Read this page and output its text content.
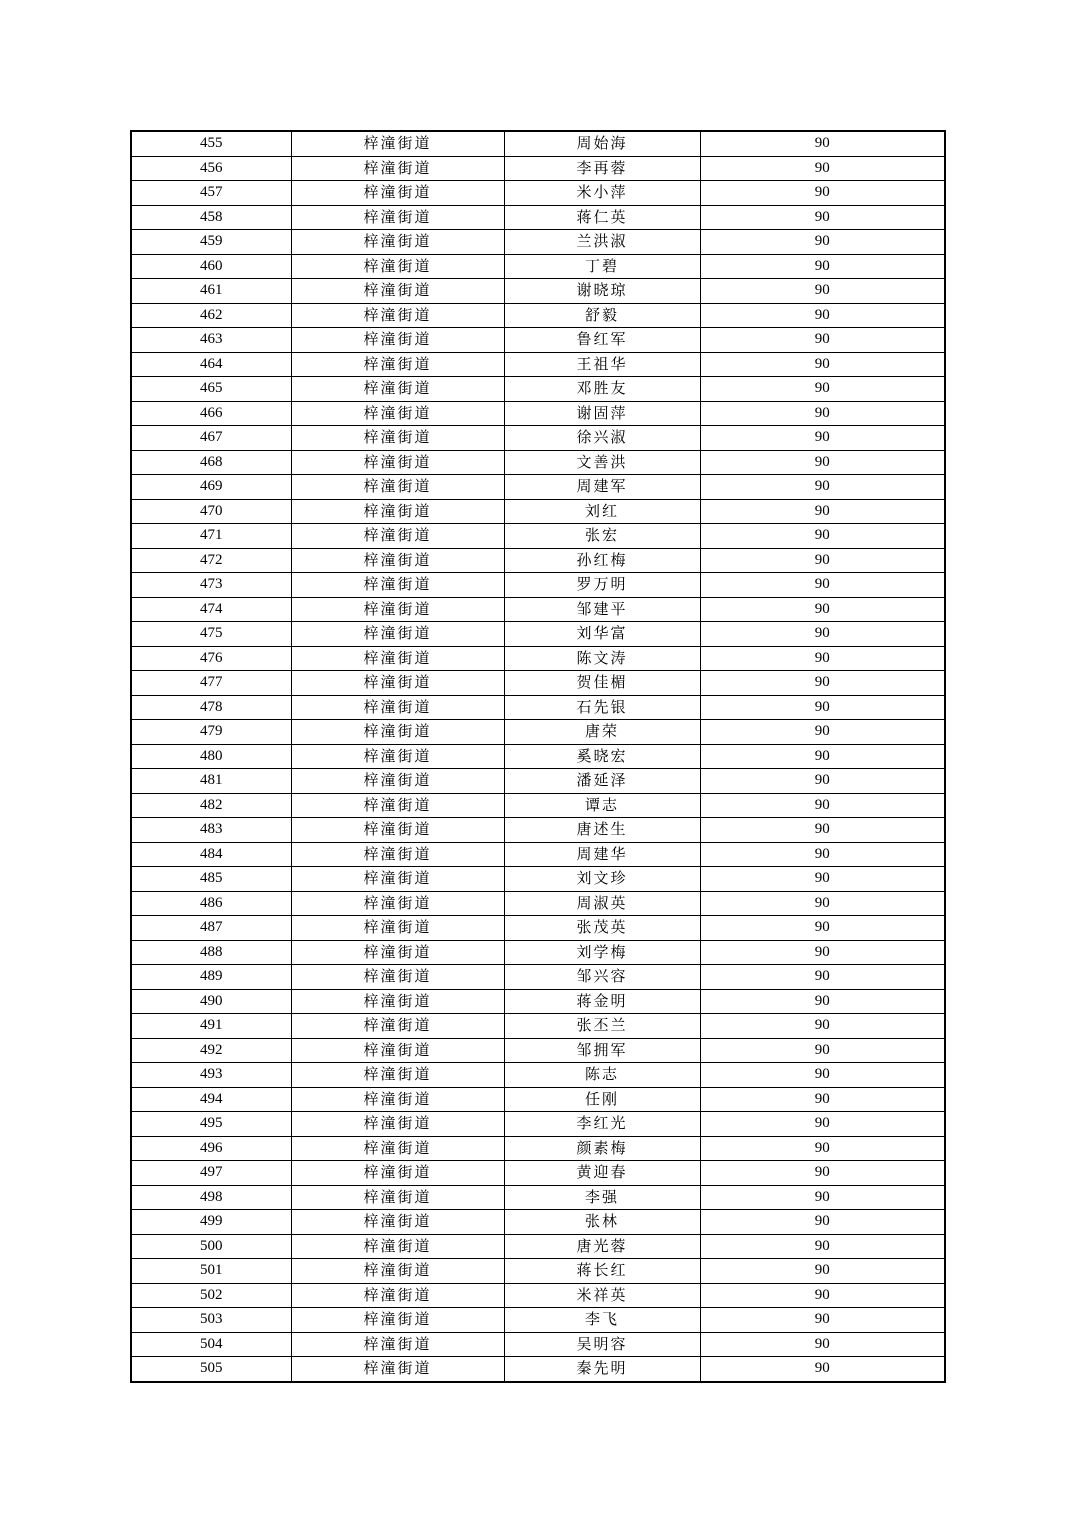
455	梓潼街道	周始海	90
456	梓潼街道	李再蓉	90
457	梓潼街道	米小萍	90
458	梓潼街道	蒋仁英	90
459	梓潼街道	兰洪淑	90
460	梓潼街道	丁碧	90
461	梓潼街道	谢晓琼	90
462	梓潼街道	舒毅	90
463	梓潼街道	鲁红军	90
464	梓潼街道	王祖华	90
465	梓潼街道	邓胜友	90
466	梓潼街道	谢固萍	90
467	梓潼街道	徐兴淑	90
468	梓潼街道	文善洪	90
469	梓潼街道	周建军	90
470	梓潼街道	刘红	90
471	梓潼街道	张宏	90
472	梓潼街道	孙红梅	90
473	梓潼街道	罗万明	90
474	梓潼街道	邹建平	90
475	梓潼街道	刘华富	90
476	梓潼街道	陈文涛	90
477	梓潼街道	贺佳楣	90
478	梓潼街道	石先银	90
479	梓潼街道	唐荣	90
480	梓潼街道	奚晓宏	90
481	梓潼街道	潘延泽	90
482	梓潼街道	谭志	90
483	梓潼街道	唐述生	90
484	梓潼街道	周建华	90
485	梓潼街道	刘文珍	90
486	梓潼街道	周淑英	90
487	梓潼街道	张茂英	90
488	梓潼街道	刘学梅	90
489	梓潼街道	邹兴容	90
490	梓潼街道	蒋金明	90
491	梓潼街道	张丕兰	90
492	梓潼街道	邹拥军	90
493	梓潼街道	陈志	90
494	梓潼街道	任刚	90
495	梓潼街道	李红光	90
496	梓潼街道	颜素梅	90
497	梓潼街道	黄迎春	90
498	梓潼街道	李强	90
499	梓潼街道	张林	90
500	梓潼街道	唐光蓉	90
501	梓潼街道	蒋长红	90
502	梓潼街道	米祥英	90
503	梓潼街道	李飞	90
504	梓潼街道	吴明容	90
505	梓潼街道	秦先明	90
